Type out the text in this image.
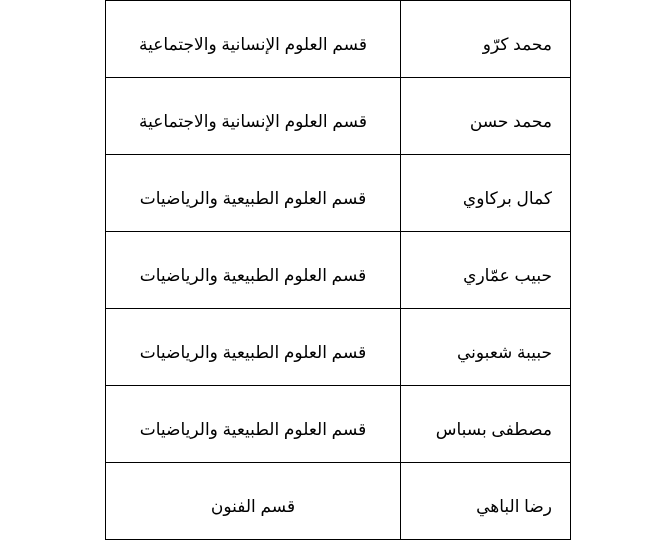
محمد كرّو	قسم العلوم الإنسانية والاجتماعية
محمد حسن	قسم العلوم الإنسانية والاجتماعية
كمال بركاوي	قسم العلوم الطبيعية والرياضيات
حبيب عمّاري	قسم العلوم الطبيعية والرياضيات
حبيبة شعبوني	قسم العلوم الطبيعية والرياضيات
مصطفى بسباس	قسم العلوم الطبيعية والرياضيات
رضا الباهي	قسم الفنون
